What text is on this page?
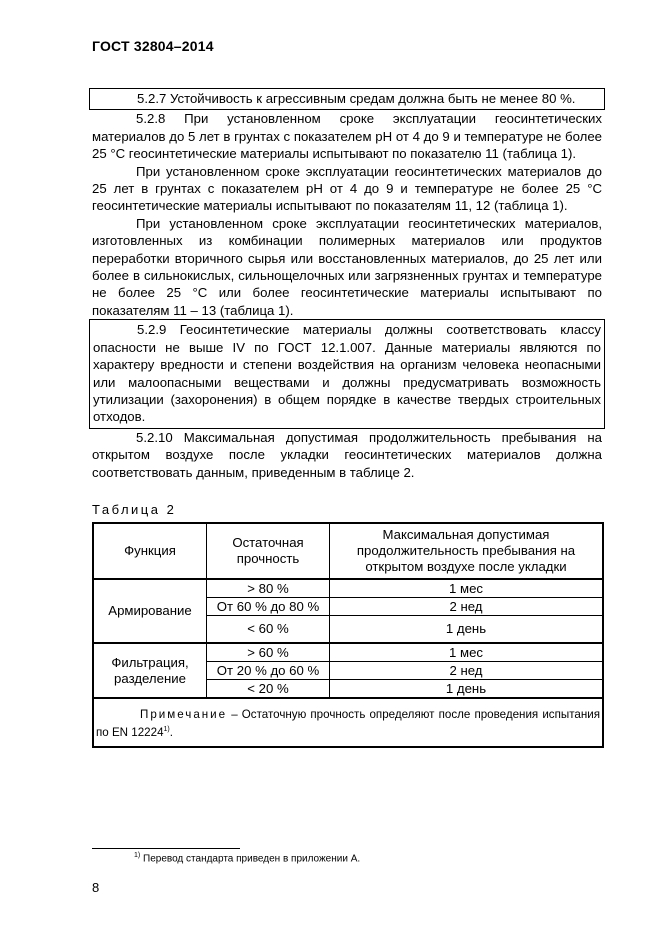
ГОСТ 32804–2014

5.2.7 Устойчивость к агрессивным средам должна быть не менее 80 %.

5.2.8 При установленном сроке эксплуатации геосинтетических материалов до 5 лет в грунтах с показателем pH от 4 до 9 и температуре не более 25 °С геосинтетические материалы испытывают по показателю 11 (таблица 1).

При установленном сроке эксплуатации геосинтетических материалов до 25 лет в грунтах с показателем pH от 4 до 9 и температуре не более 25 °С геосинтетические материалы испытывают по показателям 11, 12 (таблица 1).

При установленном сроке эксплуатации геосинтетических материалов, изготовленных из комбинации полимерных материалов или продуктов переработки вторичного сырья или восстановленных материалов, до 25 лет или более в сильнокислых, сильнощелочных или загрязненных грунтах и температуре не более 25 °С или более геосинтетические материалы испытывают по показателям 11 – 13 (таблица 1).

5.2.9 Геосинтетические материалы должны соответствовать классу опасности не выше IV по ГОСТ 12.1.007. Данные материалы являются по характеру вредности и степени воздействия на организм человека неопасными или малоопасными веществами и должны предусматривать возможность утилизации (захоронения) в общем порядке в качестве твердых строительных отходов.

5.2.10 Максимальная допустимая продолжительность пребывания на открытом воздухе после укладки геосинтетических материалов должна соответствовать данным, приведенным в таблице 2.

Таблица 2
Функция	Остаточная прочность	Максимальная допустимая продолжительность пребывания на открытом воздухе после укладки
Армирование	> 80 %	1 мес
	От 60 % до 80 %	2 нед
	< 60 %	1 день
Фильтрация, разделение	> 60 %	1 мес
	От 20 % до 60 %	2 нед
	< 20 %	1 день

Примечание – Остаточную прочность определяют после проведения испытания по EN 12224$^{1)}$.		
$^{1)}$ Перевод стандарта приведен в приложении А.
8
